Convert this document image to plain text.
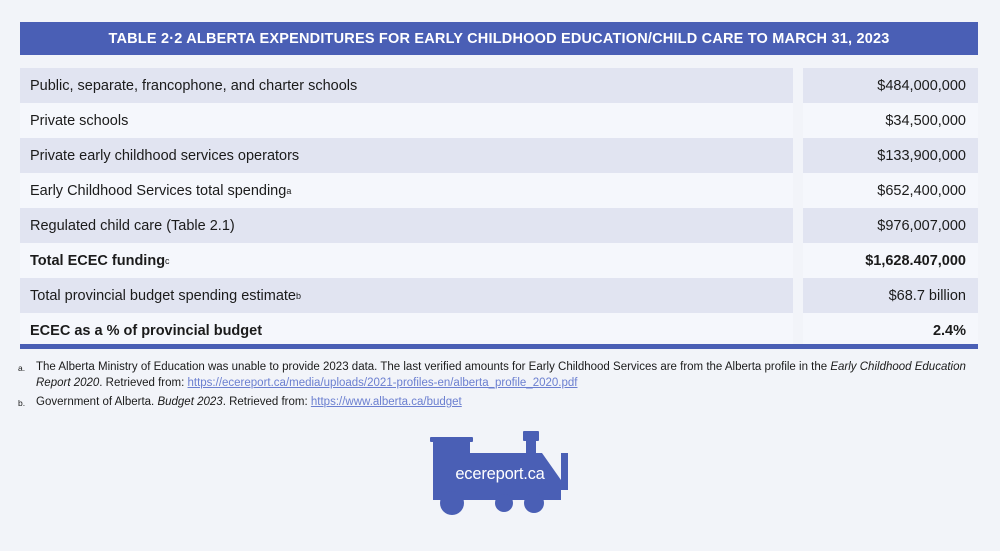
TABLE 2·2 ALBERTA EXPENDITURES FOR EARLY CHILDHOOD EDUCATION/CHILD CARE TO MARCH 31, 2023
Public, separate, francophone, and charter schools	$484,000,000
Private schools	$34,500,000
Private early childhood services operators	$133,900,000
Early Childhood Services total spending a	$652,400,000
Regulated child care (Table 2.1)	$976,007,000
Total ECEC funding c	$1,628.407,000
Total provincial budget spending estimate b	$68.7 billion
ECEC as a % of provincial budget	2.4%
a. The Alberta Ministry of Education was unable to provide 2023 data. The last verified amounts for Early Childhood Services are from the Alberta profile in the Early Childhood Education Report 2020. Retrieved from: https://ecereport.ca/media/uploads/2021-profiles-en/alberta_profile_2020.pdf
b. Government of Alberta. Budget 2023. Retrieved from: https://www.alberta.ca/budget
ecereport.ca
